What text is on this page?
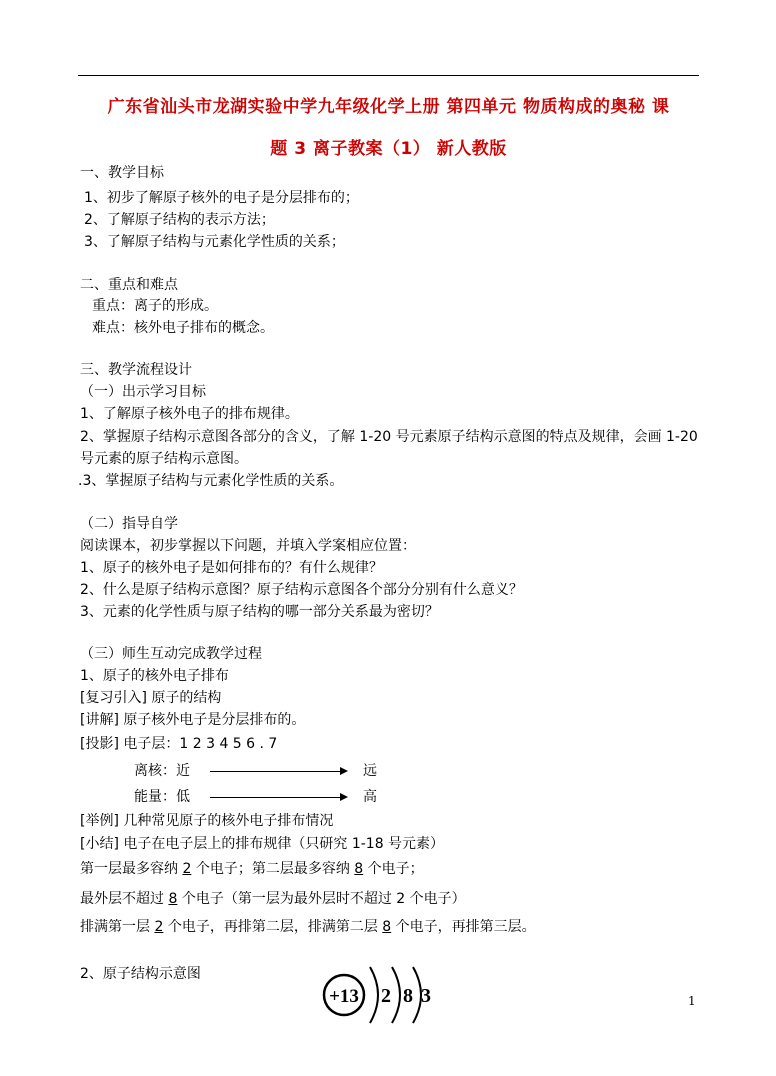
广东省汕头市龙湖实验中学九年级化学上册 第四单元 物质构成的奥秘 课
题 3 离子教案（1） 新人教版
一、教学目标
1、初步了解原子核外的电子是分层排布的；
2、了解原子结构的表示方法；
3、了解原子结构与元素化学性质的关系；
二、重点和难点
重点：离子的形成。
难点：核外电子排布的概念。
三、教学流程设计
（一）出示学习目标
1、了解原子核外电子的排布规律。
2、掌握原子结构示意图各部分的含义，了解 1-20 号元素原子结构示意图的特点及规律，会画 1-20
号元素的原子结构示意图。
.3、掌握原子结构与元素化学性质的关系。
（二）指导自学
阅读课本，初步掌握以下问题，并填入学案相应位置：
1、原子的核外电子是如何排布的？有什么规律？
2、什么是原子结构示意图？原子结构示意图各个部分分别有什么意义？
3、元素的化学性质与原子结构的哪一部分关系最为密切？
（三）师生互动完成教学过程
1、原子的核外电子排布
[复习引入] 原子的结构
[讲解] 原子核外电子是分层排布的。
[投影] 电子层：1 2 3 4 5 6 . 7
离核：近	远
能量：低	高
[举例] 几种常见原子的核外电子排布情况
[小结] 电子在电子层上的排布规律（只研究 1-18 号元素）
第一层最多容纳 2 个电子；第二层最多容纳 8 个电子；
最外层不超过 8 个电子（第一层为最外层时不超过 2 个电子）
排满第一层 2 个电子，再排第二层，排满第二层 8 个电子，再排第三层。
2、原子结构示意图
+13 2 8 3	1
